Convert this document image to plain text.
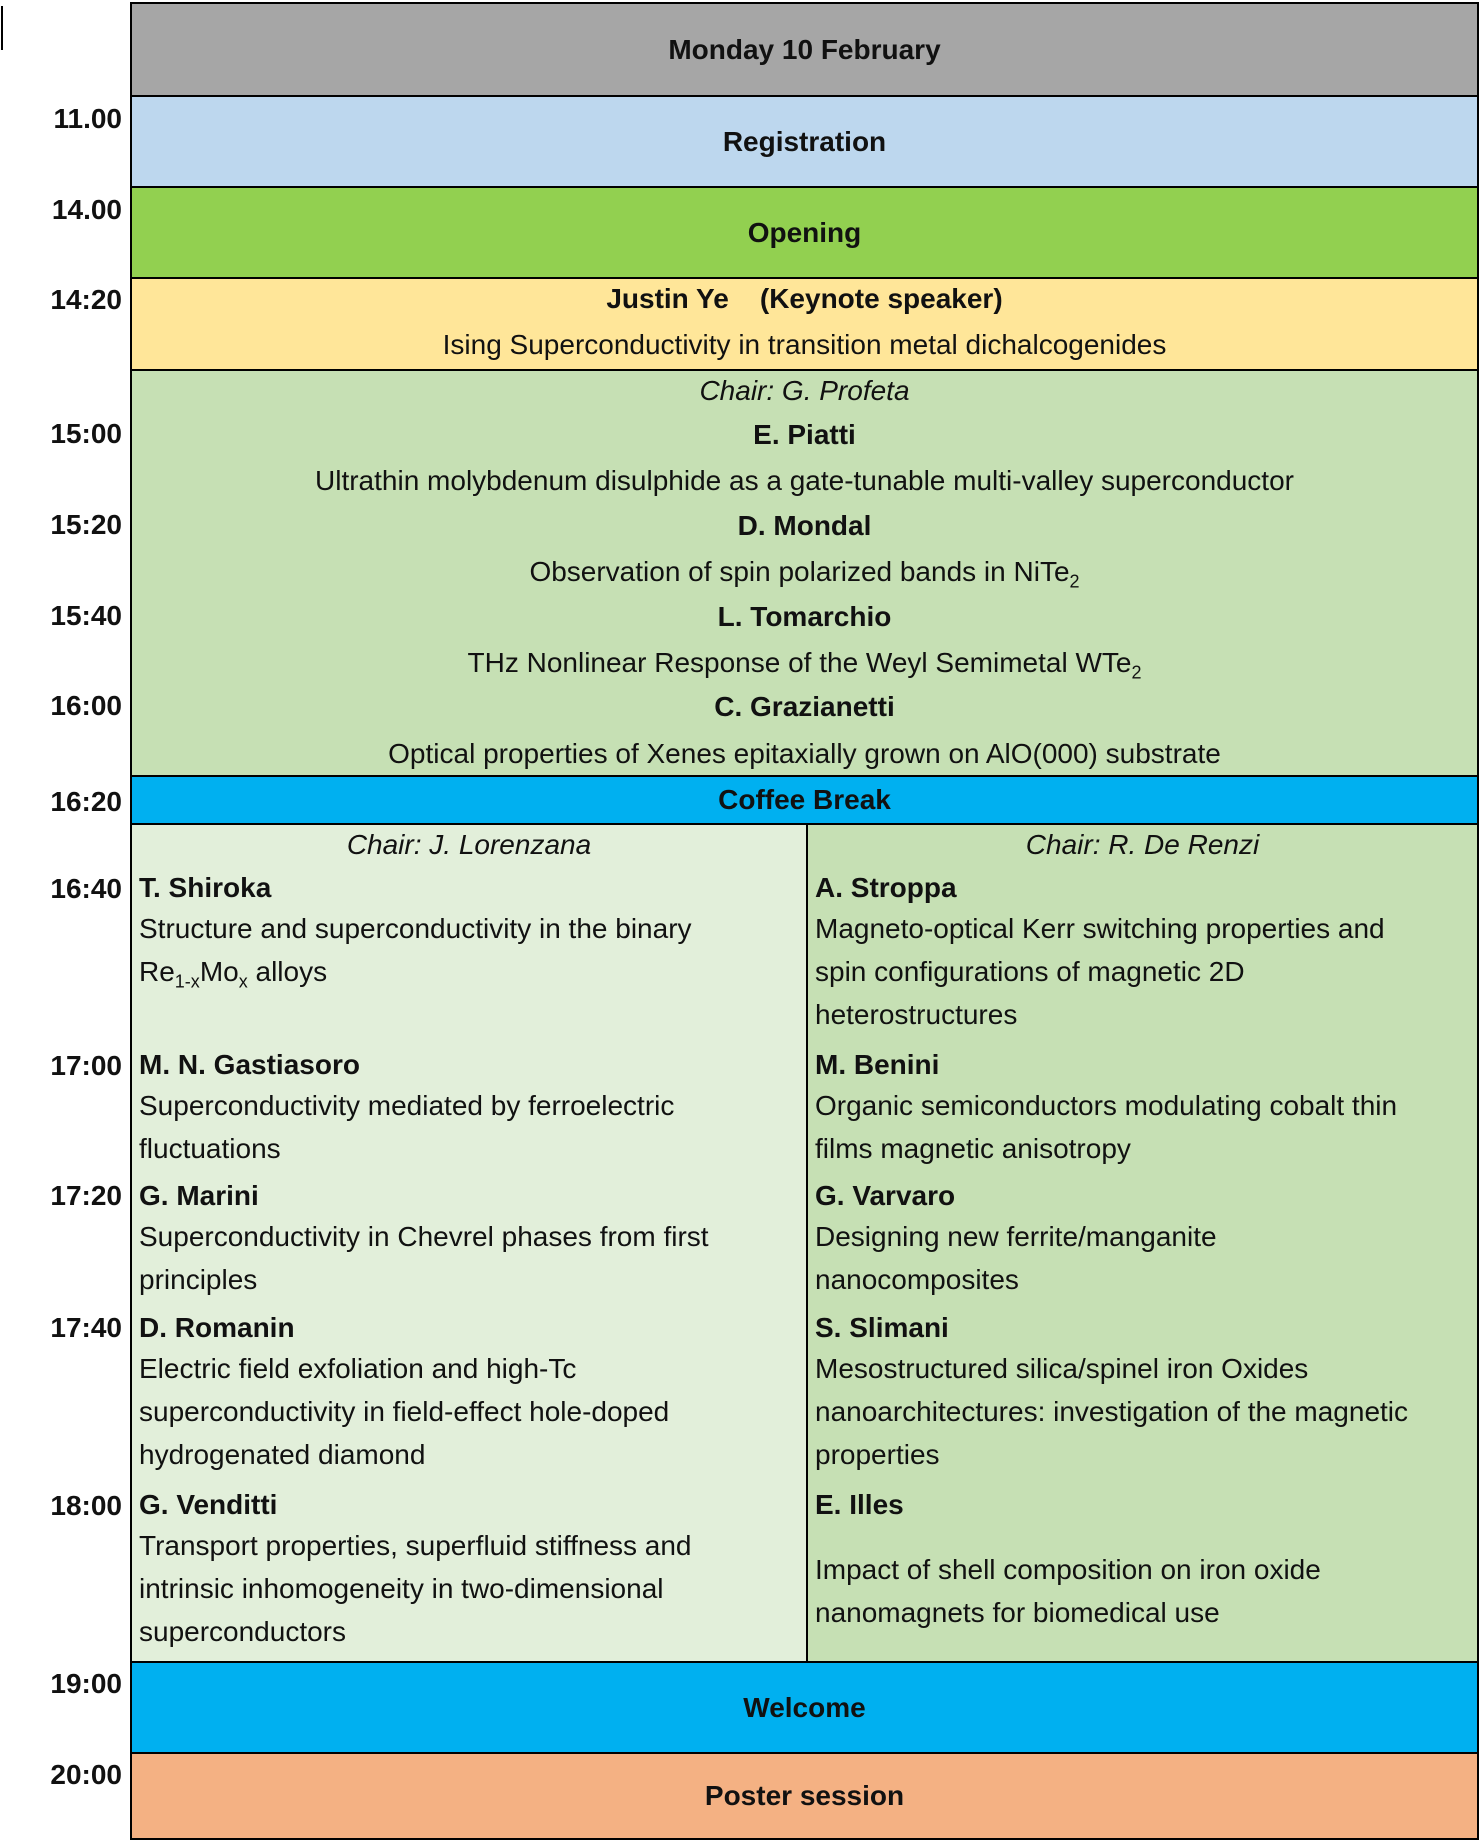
11.00
14.00
14:20
15:00
15:20
15:40
16:00
16:20
16:40
17:00
17:20
17:40
18:00
19:00
20:00
Monday 10 February
Registration
Opening
Justin Ye (Keynote speaker)
Ising Superconductivity in transition metal dichalcogenides
Chair: G. Profeta
E. Piatti
Ultrathin molybdenum disulphide as a gate-tunable multi-valley superconductor
D. Mondal
Observation of spin polarized bands in NiTe$_2$
L. Tomarchio
THz Nonlinear Response of the Weyl Semimetal WTe$_2$
C. Grazianetti
Optical properties of Xenes epitaxially grown on AlO(000) substrate
Coffee Break
Chair: J. Lorenzana
T. Shiroka
Structure and superconductivity in the binary
$Re_{1-x}Mo_x$ alloys
M. N. Gastiasoro
Superconductivity mediated by ferroelectric
fluctuations
G. Marini
Superconductivity in Chevrel phases from first
principles
D. Romanin
Electric field exfoliation and high-Tc
superconductivity in field-effect hole-doped
hydrogenated diamond
G. Venditti
Transport properties, superfluid stiffness and
intrinsic inhomogeneity in two-dimensional
superconductors
Chair: R. De Renzi
A. Stroppa
Magneto-optical Kerr switching properties and
spin configurations of magnetic 2D
heterostructures
M. Benini
Organic semiconductors modulating cobalt thin
films magnetic anisotropy
G. Varvaro
Designing new ferrite/manganite
nanocomposites
S. Slimani
Mesostructured silica/spinel iron Oxides
nanoarchitectures: investigation of the magnetic
properties
E. Illes
Impact of shell composition on iron oxide
nanomagnets for biomedical use
Welcome
Poster session
